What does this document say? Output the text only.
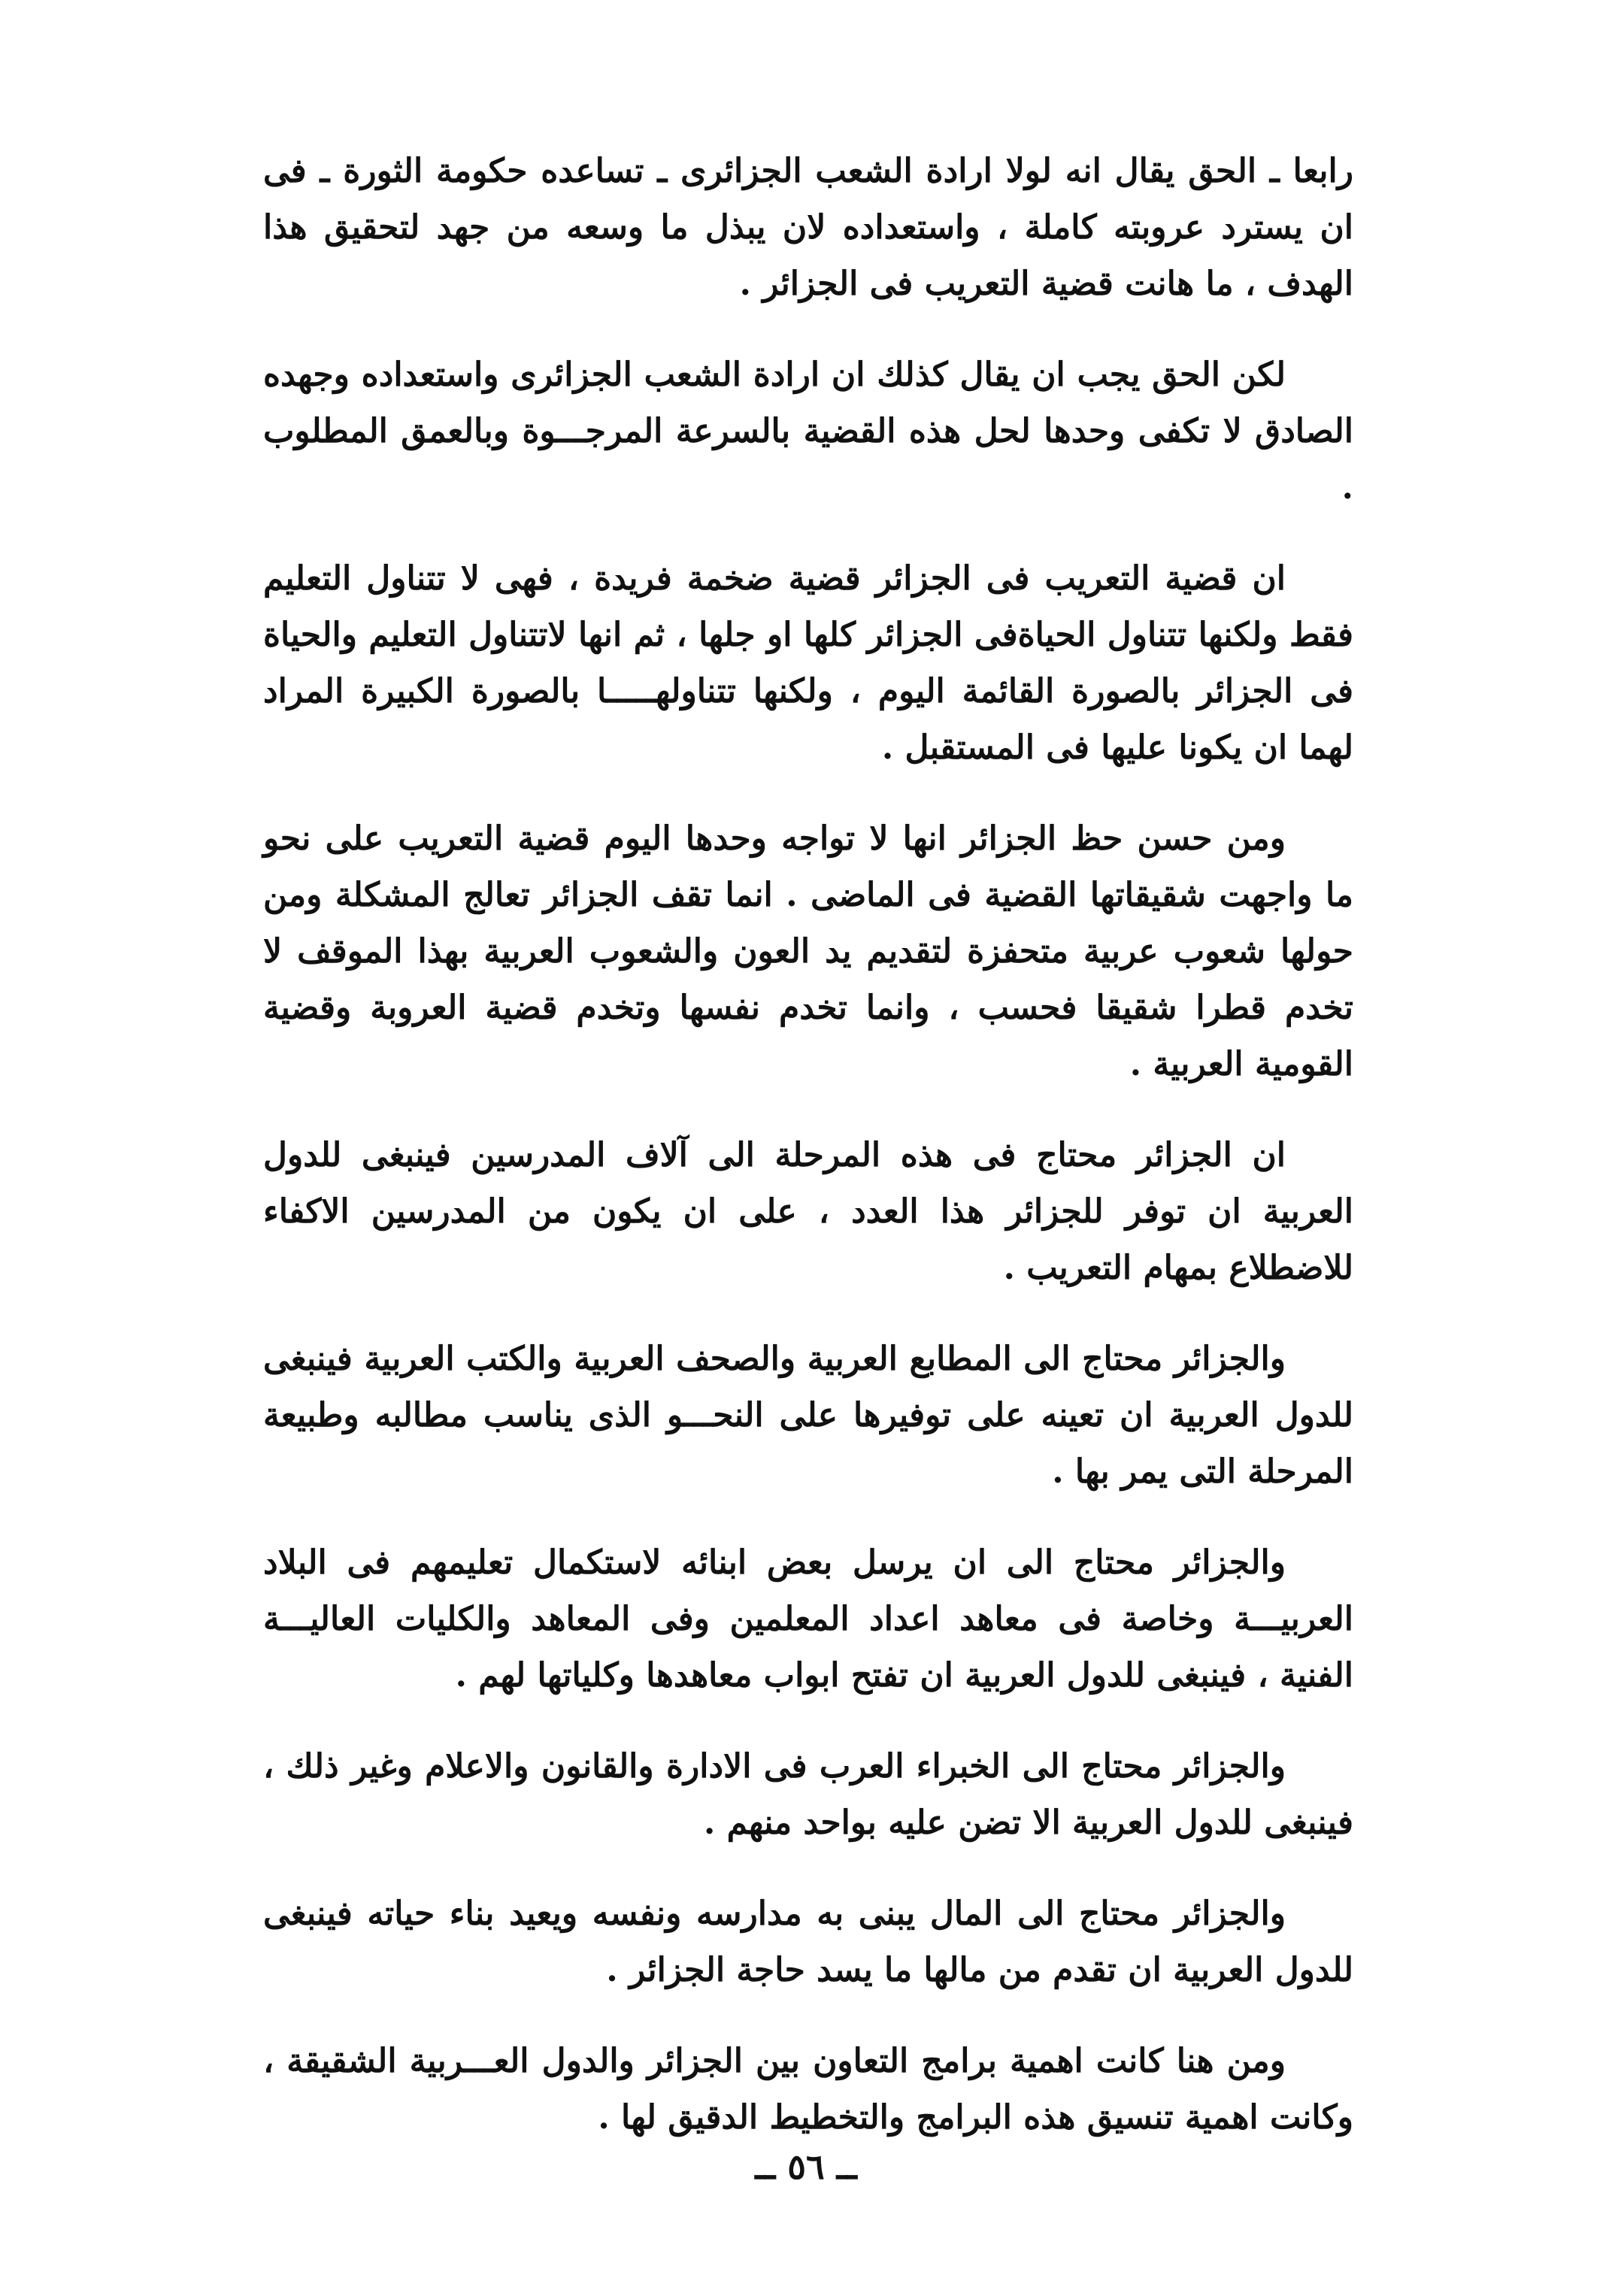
رابعا ـ الحق يقال انه لولا ارادة الشعب الجزائرى ـ تساعده حكومة الثورة ـ فى ان يسترد عروبته كاملة ، واستعداده لان يبذل ما وسعه من جهد لتحقيق هذا الهدف ، ما هانت قضية التعريب فى الجزائر .

لكن الحق يجب ان يقال كذلك ان ارادة الشعب الجزائرى واستعداده وجهده الصادق لا تكفى وحدها لحل هذه القضية بالسرعة المرجـــوة وبالعمق المطلوب .

ان قضية التعريب فى الجزائر قضية ضخمة فريدة ، فهى لا تتناول التعليم فقط ولكنها تتناول الحياةفى الجزائر كلها او جلها ، ثم انها لاتتناول التعليم والحياة فى الجزائر بالصورة القائمة اليوم ، ولكنها تتناولهـــــا بالصورة الكبيرة المراد لهما ان يكونا عليها فى المستقبل .

ومن حسن حظ الجزائر انها لا تواجه وحدها اليوم قضية التعريب على نحو ما واجهت شقيقاتها القضية فى الماضى . انما تقف الجزائر تعالج المشكلة ومن حولها شعوب عربية متحفزة لتقديم يد العون والشعوب العربية بهذا الموقف لا تخدم قطرا شقيقا فحسب ، وانما تخدم نفسها وتخدم قضية العروبة وقضية القومية العربية .

ان الجزائر محتاج فى هذه المرحلة الى آلاف المدرسين فينبغى للدول العربية ان توفر للجزائر هذا العدد ، على ان يكون من المدرسين الاكفاء للاضطلاع بمهام التعريب .

والجزائر محتاج الى المطابع العربية والصحف العربية والكتب العربية فينبغى للدول العربية ان تعينه على توفيرها على النحـــو الذى يناسب مطالبه وطبيعة المرحلة التى يمر بها .

والجزائر محتاج الى ان يرسل بعض ابنائه لاستكمال تعليمهم فى البلاد العربيـــة وخاصة فى معاهد اعداد المعلمين وفى المعاهد والكليات العاليـــة الفنية ، فينبغى للدول العربية ان تفتح ابواب معاهدها وكلياتها لهم .

والجزائر محتاج الى الخبراء العرب فى الادارة والقانون والاعلام وغير ذلك ، فينبغى للدول العربية الا تضن عليه بواحد منهم .

والجزائر محتاج الى المال يبنى به مدارسه ونفسه ويعيد بناء حياته فينبغى للدول العربية ان تقدم من مالها ما يسد حاجة الجزائر .

ومن هنا كانت اهمية برامج التعاون بين الجزائر والدول العـــربية الشقيقة ، وكانت اهمية تنسيق هذه البرامج والتخطيط الدقيق لها .

ــ ٥٦ ــ
